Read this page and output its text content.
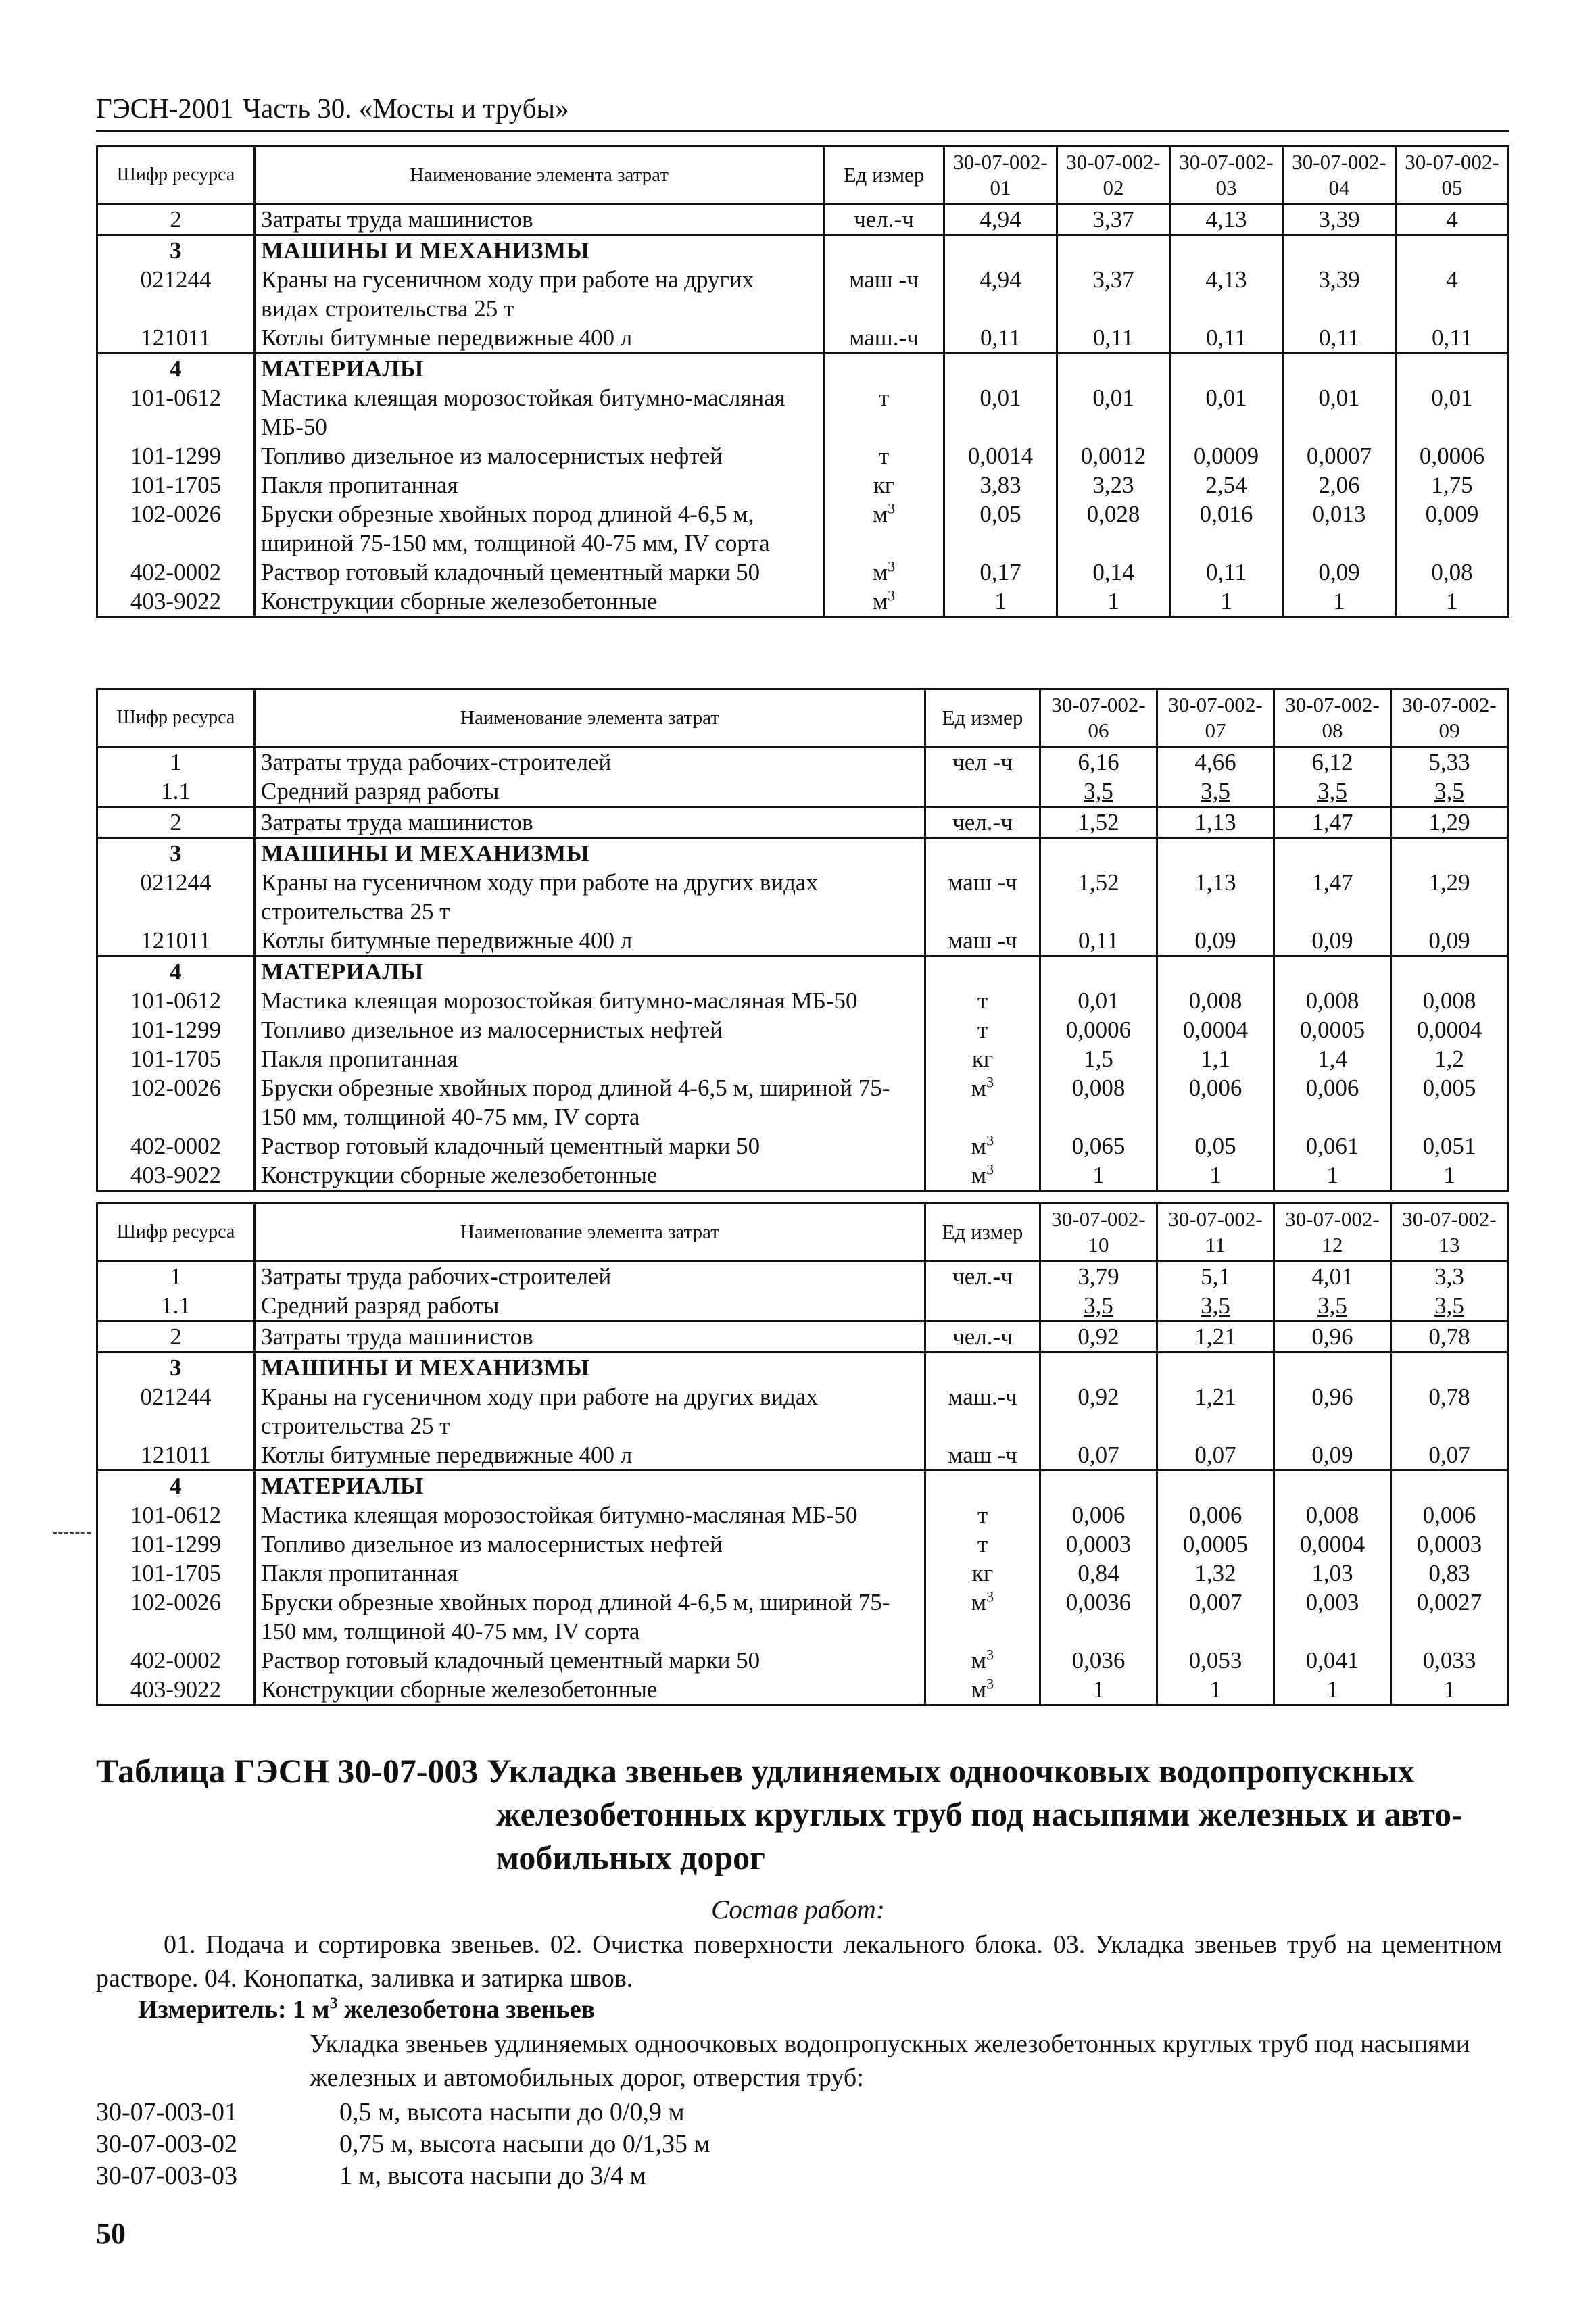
ГЭСН-2001 Часть 30. «Мосты и трубы»
Шифр ресурса	Наименование элемента затрат	Ед измер	30-07-002-01	30-07-002-02	30-07-002-03	30-07-002-04	30-07-002-05
2	Затраты труда машинистов	чел.-ч	4,94	3,37	4,13	3,39	4
3	МАШИНЫ И МЕХАНИЗМЫ						
021244	Краны на гусеничном ходу при работе на других видах строительства 25 т	маш -ч	4,94	3,37	4,13	3,39	4
121011	Котлы битумные передвижные 400 л	маш.-ч	0,11	0,11	0,11	0,11	0,11
4	МАТЕРИАЛЫ						
101-0612	Мастика клеящая морозостойкая битумно-масляная МБ-50	т	0,01	0,01	0,01	0,01	0,01
101-1299	Топливо дизельное из малосернистых нефтей	т	0,0014	0,0012	0,0009	0,0007	0,0006
101-1705	Пакля пропитанная	кг	3,83	3,23	2,54	2,06	1,75
102-0026	Бруски обрезные хвойных пород длиной 4-6,5 м, шириной 75-150 мм, толщиной 40-75 мм, IV сорта	$м^3$	0,05	0,028	0,016	0,013	0,009
402-0002	Раствор готовый кладочный цементный марки 50	$м^3$	0,17	0,14	0,11	0,09	0,08
403-9022	Конструкции сборные железобетонные	$м^3$	1	1	1	1	1
Шифр ресурса	Наименование элемента затрат	Ед измер	30-07-002-06	30-07-002-07	30-07-002-08	30-07-002-09
1	Затраты труда рабочих-строителей	чел -ч	6,16	4,66	6,12	5,33
1.1	Средний разряд работы		3,5	3,5	3,5	3,5
2	Затраты труда машинистов	чел.-ч	1,52	1,13	1,47	1,29
3	МАШИНЫ И МЕХАНИЗМЫ					
021244	Краны на гусеничном ходу при работе на других видах строительства 25 т	маш -ч	1,52	1,13	1,47	1,29
121011	Котлы битумные передвижные 400 л	маш -ч	0,11	0,09	0,09	0,09
4	МАТЕРИАЛЫ					
101-0612	Мастика клеящая морозостойкая битумно-масляная МБ-50	т	0,01	0,008	0,008	0,008
101-1299	Топливо дизельное из малосернистых нефтей	т	0,0006	0,0004	0,0005	0,0004
101-1705	Пакля пропитанная	кг	1,5	1,1	1,4	1,2
102-0026	Бруски обрезные хвойных пород длиной 4-6,5 м, шириной 75-150 мм, толщиной 40-75 мм, IV сорта	$м^3$	0,008	0,006	0,006	0,005
402-0002	Раствор готовый кладочный цементный марки 50	$м^3$	0,065	0,05	0,061	0,051
403-9022	Конструкции сборные железобетонные	$м^3$	1	1	1	1
Шифр ресурса	Наименование элемента затрат	Ед измер	30-07-002-10	30-07-002-11	30-07-002-12	30-07-002-13
1	Затраты труда рабочих-строителей	чел.-ч	3,79	5,1	4,01	3,3
1.1	Средний разряд работы		3,5	3,5	3,5	3,5
2	Затраты труда машинистов	чел.-ч	0,92	1,21	0,96	0,78
3	МАШИНЫ И МЕХАНИЗМЫ					
021244	Краны на гусеничном ходу при работе на других видах строительства 25 т	маш.-ч	0,92	1,21	0,96	0,78
121011	Котлы битумные передвижные 400 л	маш -ч	0,07	0,07	0,09	0,07
4	МАТЕРИАЛЫ					
101-0612	Мастика клеящая морозостойкая битумно-масляная МБ-50	т	0,006	0,006	0,008	0,006
101-1299	Топливо дизельное из малосернистых нефтей	т	0,0003	0,0005	0,0004	0,0003
101-1705	Пакля пропитанная	кг	0,84	1,32	1,03	0,83
102-0026	Бруски обрезные хвойных пород длиной 4-6,5 м, шириной 75-150 мм, толщиной 40-75 мм, IV сорта	$м^3$	0,0036	0,007	0,003	0,0027
402-0002	Раствор готовый кладочный цементный марки 50	$м^3$	0,036	0,053	0,041	0,033
403-9022	Конструкции сборные железобетонные	$м^3$	1	1	1	1
Таблица ГЭСН 30-07-003 Укладка звеньев удлиняемых одноочковых водопропускных
железобетонных круглых труб под насыпями железных и авто-
мобильных дорог
Состав работ:

01. Подача и сортировка звеньев. 02. Очистка поверхности лекального блока. 03. Укладка звеньев труб на цементном растворе. 04. Конопатка, заливка и затирка швов.

Измеритель: 1 $м^3$ железобетона звеньев

Укладка звеньев удлиняемых одноочковых водопропускных железобетонных круглых труб под насыпями железных и автомобильных дорог, отверстия труб:

30-07-003-01	0,5 м, высота насыпи до 0/0,9 м
30-07-003-02	0,75 м, высота насыпи до 0/1,35 м
30-07-003-03	1 м, высота насыпи до 3/4 м
50
